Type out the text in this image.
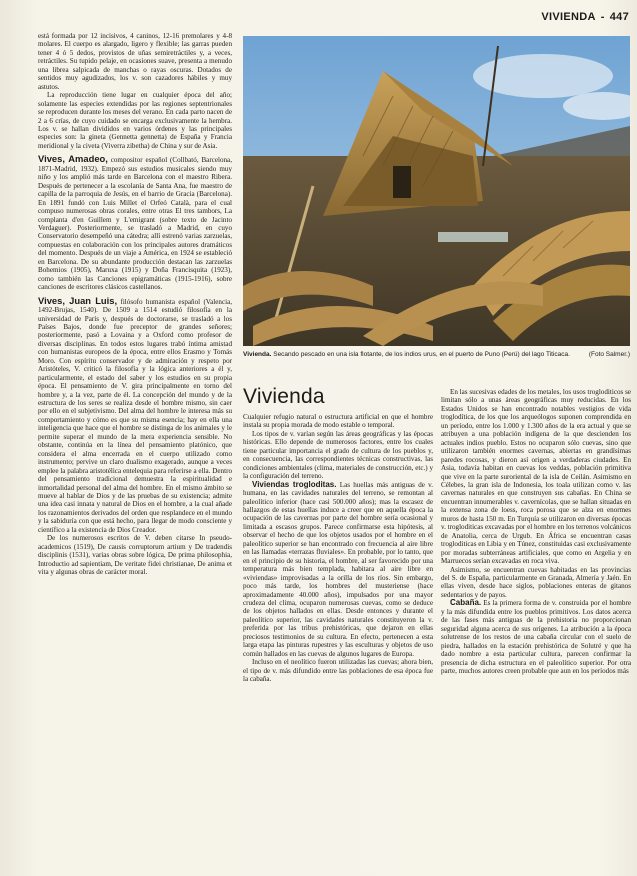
VIVIENDA - 447

está formada por 12 incisivos, 4 caninos, 12-16 premolares y 4-8 molares. El cuerpo es alargado, ligero y flexible; las garras pueden tener 4 ó 5 dedos, provistos de uñas semiretráctiles y, a veces, retráctiles. Su tupido pelaje, en ocasiones suave, presenta a menudo una librea salpicada de manchas o rayas oscuras. Dotados de sentidos muy agudizados, los v. son cazadores hábiles y muy astutos.

La reproducción tiene lugar en cualquier época del año; solamente las especies extendidas por las regiones septentrionales se reproducen durante los meses del verano. En cada parto nacen de 2 a 6 crías, de cuyo cuidado se encarga exclusivamente la hembra. Los v. se hallan divididos en varios órdenes y las principales especies son: la gineta (Gennetta gennetta) de España y Francia meridional y la civeta (Viverra zibetha) de China y sur de Asia.

Vives, Amadeo, compositor español (Collbató, Barcelona, 1871-Madrid, 1932). Empezó sus estudios musicales siendo muy niño y los amplió más tarde en Barcelona con el maestro Ribera. Después de pertenecer a la escolanía de Santa Ana, fue maestro de capilla de la parroquia de Jesús, en el barrio de Gracia (Barcelona). En 1891 fundó con Luis Millet el Orfeó Català, para el cual compuso numerosas obras corales, entre otras El tres tambors, La complanta d'en Guillem y L'emigrant (sobre texto de Jacinto Verdaguer). Posteriormente, se trasladó a Madrid, en cuyo Conservatorio desempeñó una cátedra; allí estrenó varias zarzuelas, compuestas en colaboración con los principales autores dramáticos del momento. Después de un viaje a América, en 1924 se estableció en Barcelona. De su abundante producción destacan las zarzuelas Bohemios (1905), Maruxa (1915) y Doña Francisquita (1923), como también las Canciones epigramáticas (1915-1916), sobre canciones de escritores clásicos castellanos.

Vives, Juan Luis, filósofo humanista español (Valencia, 1492-Brujas, 1540). De 1509 a 1514 estudió filosofía en la universidad de París y, después de doctorarse, se trasladó a los Países Bajos, donde fue preceptor de grandes señores; posteriormente, pasó a Lovaina y a Oxford como profesor de diversas disciplinas. En todos estos lugares trabó íntima amistad con humanistas europeos de la época, entre ellos Erasmo y Tomás Moro. Con espíritu conservador y de admiración y respeto por Aristóteles, V. criticó la filosofía y la lógica anteriores a él y, particularmente, el estado del saber y los estudios en su propia época. El pensamiento de V. gira principalmente en torno del hombre y, a la vez, parte de él. La concepción del mundo y de la estructura de los seres se realiza desde el hombre mismo, sin caer por ello en el subjetivismo. Del alma del hombre le interesa más su comportamiento y cómo es que su misma esencia; hay en ella una inteligencia que hace que el hombre se distinga de los animales y le permite superar el mundo de la mera experiencia sensible. No obstante, continúa en la línea del pensamiento platónico, que considera el alma encerrada en el cuerpo utilizado como instrumento; pervive un claro dualismo exagerado, aunque a veces emplee la palabra aristotélica entelequia para referirse a ella. Dentro del pensamiento tradicional demuestra la espiritualidad e inmortalidad personal del alma del hombre. En el mismo ámbito se mueve al hablar de Dios y de las pruebas de su existencia; admite una idea casi innata y natural de Dios en el hombre, a la cual añade los razonamientos derivados del orden que resplandece en el mundo y la sabiduría con que está hecho, para llegar de modo consciente y científico a la existencia de Dios Creador.

De los numerosos escritos de V. deben citarse In pseudo-academicos (1519), De causis corruptorum artium y De tradendis disciplinis (1531), varias obras sobre lógica, De prima philosophia, Introductio ad sapientiam, De veritate fidei christianae, De anima et vita y algunas obras de carácter moral.

Vivienda. Secando pescado en una isla flotante, de los indios urus, en el puerto de Puno (Perú) del lago Titicaca.	(Foto Salmer.)
Vivienda

Cualquier refugio natural o estructura artificial en que el hombre instala su propia morada de modo estable o temporal.

Los tipos de v. varían según las áreas geográficas y las épocas históricas. Ello depende de numerosos factores, entre los cuales tiene particular importancia el grado de cultura de los pueblos y, en consecuencia, las correspondientes técnicas constructivas, las condiciones ambientales (clima, materiales de construcción, etc.) y la configuración del terreno.

Viviendas trogloditas. Las huellas más antiguas de v. humana, en las cavidades naturales del terreno, se remontan al paleolítico inferior (hace casi 500.000 años); mas la escasez de hallazgos de estas huellas induce a creer que en aquella época la ocupación de las cavernas por parte del hombre sería ocasional y limitada a escasos grupos. Parece confirmarse esta hipótesis, al observar el hecho de que los objetos usados por el hombre en el paleolítico superior se han encontrado con frecuencia al aire libre en las llamadas «terrazas fluviales». En probable, por lo tanto, que en el principio de su historia, el hombre, al ser favorecido por una temperatura más bien templada, habitara al aire libre en «viviendas» improvisadas a la orilla de los ríos. Sin embargo, poco más tarde, los hombres del musteriense (hace aproximadamente 40.000 años), impulsados por una mayor crudeza del clima, ocuparon numerosas cuevas, como se deduce de los objetos hallados en ellas. Desde entonces y durante el paleolítico superior, las cavidades naturales constituyeron la v. preferida por las tribus prehistóricas, que dejaron en ellas preciosos testimonios de su cultura. En efecto, pertenecen a esta larga etapa las pinturas rupestres y las esculturas y objetos de uso común hallados en las cuevas de algunos lugares de Europa.

Incluso en el neolítico fueron utilizadas las cuevas; ahora bien, el tipo de v. más difundido entre las poblaciones de esa época fue la cabaña.

En las sucesivas edades de los metales, los usos trogloditicos se limitan sólo a unas áreas geográficas muy reducidas. En los Estados Unidos se han encontrado notables vestigios de vida troglodítica, de los que los arqueólogos suponen comprendida en un período, entre los 1.000 y 1.300 años de la era actual y que se atribuyen a una población indígena de la que descienden los actuales indios pueblo. Estos no ocuparon sólo cuevas, sino que utilizaron también enormes cavernas, abiertas en grandísimas paredes rocosas, y dieron así origen a verdaderas ciudades. En Asia, todavía habitan en cuevas los veddas, población primitiva que vive en la parte suroriental de la isla de Ceilán. Asimismo en Célebes, la gran isla de Indonesia, los toala utilizan como v. las cavernas naturales en que construyen sus cabañas. En China se encuentran innumerables v. cavernícolas, que se hallan situadas en la extensa zona de loess, roca porosa que se alza en enormes muros de hasta 150 m. En Turquía se utilizaron en diversas épocas v. trogloditicas excavadas por el hombre en los terrenos volcánicos de Anatolia, cerca de Urgub. En África se encuentran casas trogloditicas en Libia y en Túnez, constituidas casi exclusivamente por moradas subterráneas artificiales, que como en Argelia y en Marruecos serían excavadas en roca viva.

Asimismo, se encuentran cuevas habitadas en las provincias del S. de España, particularmente en Granada, Almería y Jaén. En ellas viven, desde hace siglos, poblaciones enteras de gitanos sedentarios y de payos.

Cabaña. Es la primera forma de v. construida por el hombre y la más difundida entre los pueblos primitivos. Los datos acerca de las fases más antiguas de la prehistoria no proporcionan seguridad alguna acerca de sus orígenes. La atribución a la época solutrense de los restos de una cabaña circular con el suelo de piedra, hallados en la estación prehistórica de Solutré y que ha dado nombre a esta particular cultura, parecen confirmar la presencia de dicha estructura en el paleolítico superior. Por otra parte, muchos autores creen probable que aun en los períodos más
